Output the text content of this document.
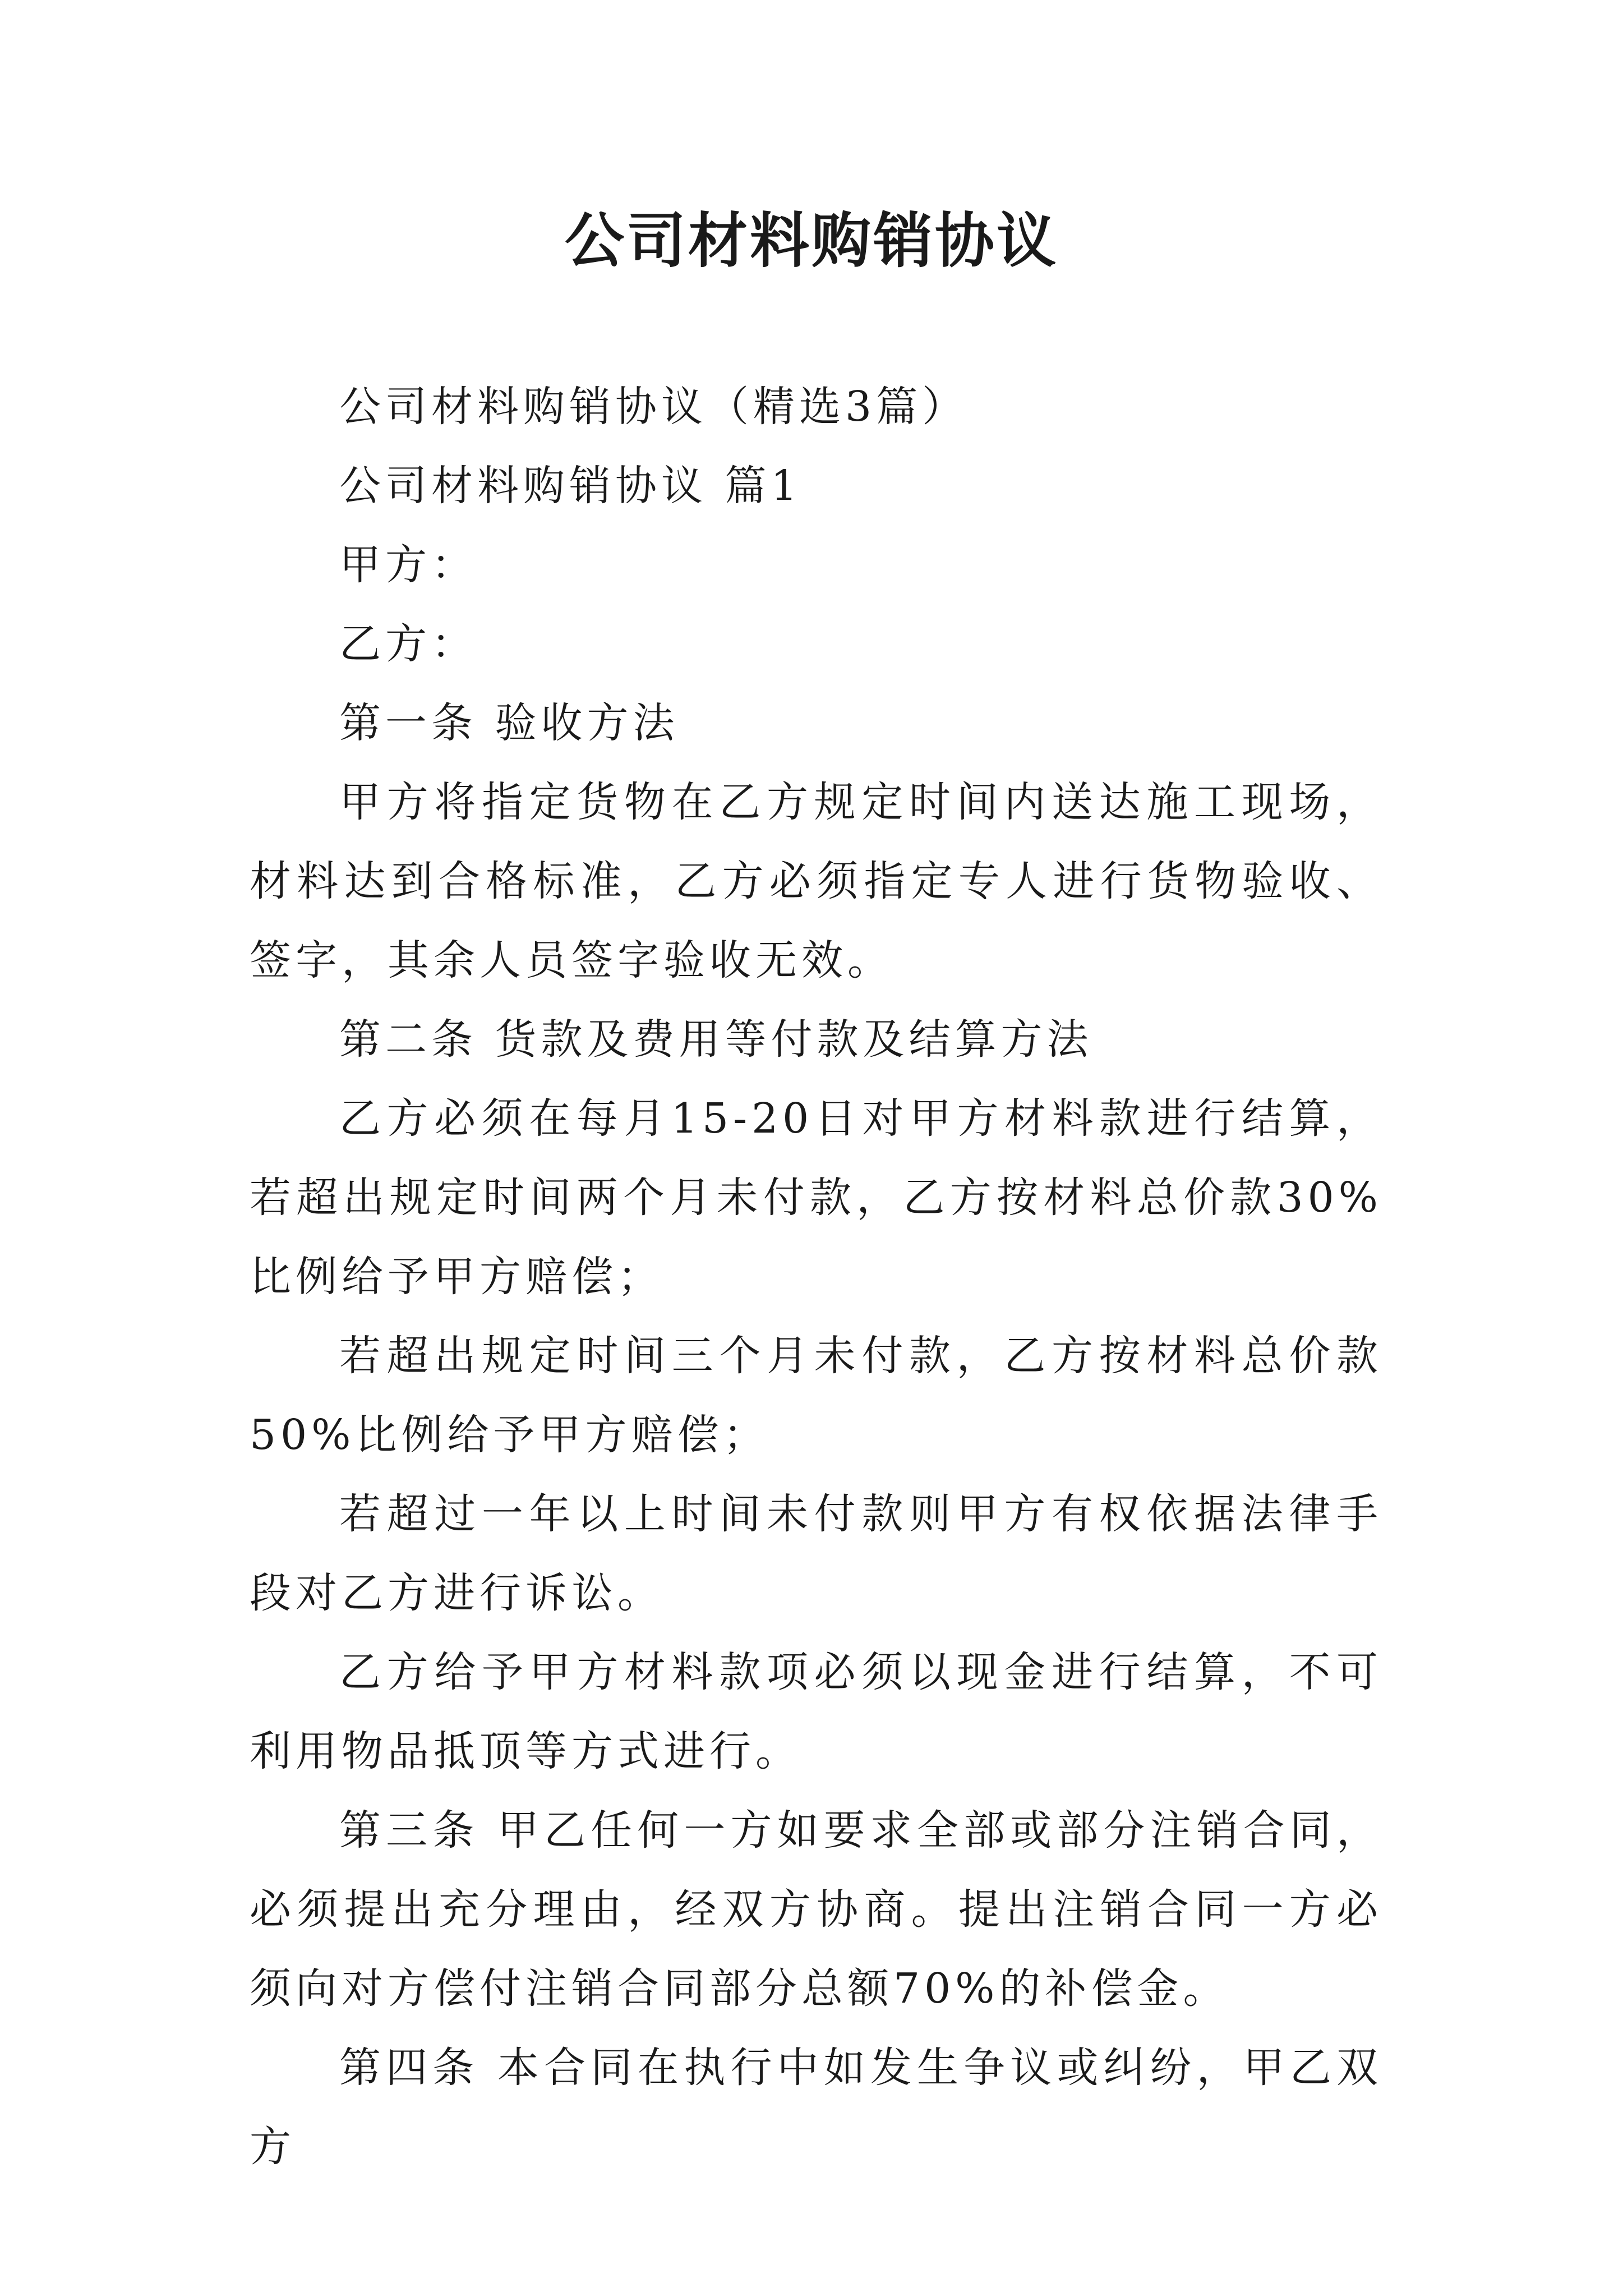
公司材料购销协议

公司材料购销协议（精选3篇）

公司材料购销协议 篇1

甲方：

乙方：

第一条 验收方法

甲方将指定货物在乙方规定时间内送达施工现场，材料达到合格标准，乙方必须指定专人进行货物验收、签字，其余人员签字验收无效。

第二条 货款及费用等付款及结算方法

乙方必须在每月15-20日对甲方材料款进行结算，若超出规定时间两个月未付款，乙方按材料总价款30%比例给予甲方赔偿；

若超出规定时间三个月未付款，乙方按材料总价款50%比例给予甲方赔偿；

若超过一年以上时间未付款则甲方有权依据法律手段对乙方进行诉讼。

乙方给予甲方材料款项必须以现金进行结算，不可利用物品抵顶等方式进行。

第三条 甲乙任何一方如要求全部或部分注销合同，必须提出充分理由，经双方协商。提出注销合同一方必须向对方偿付注销合同部分总额70%的补偿金。

第四条 本合同在执行中如发生争议或纠纷，甲乙双方
